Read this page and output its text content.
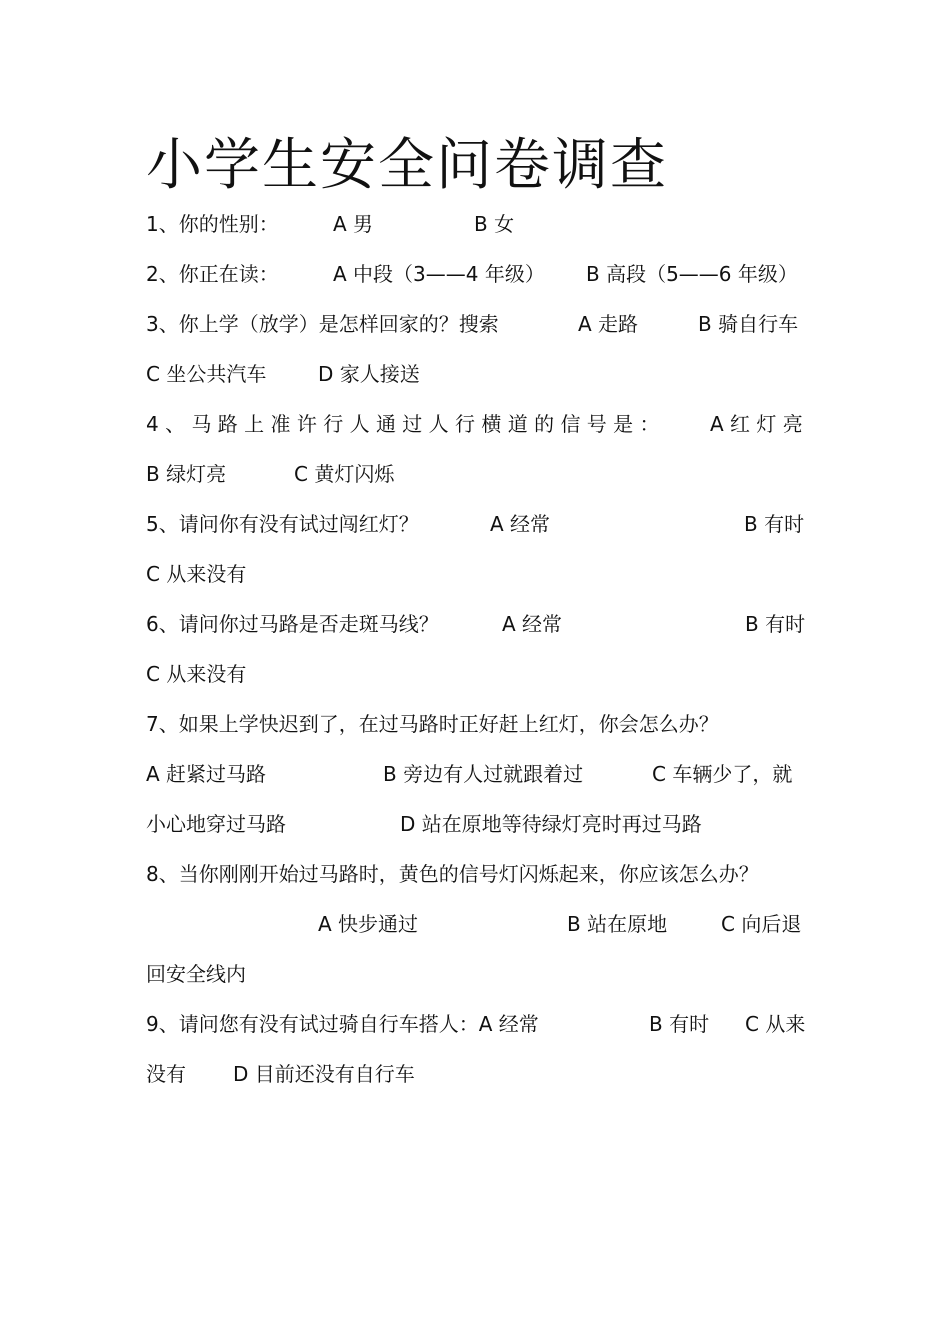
小学生安全问卷调查
1、你的性别：	A 男	B 女
2、你正在读：	A 中段（3——4 年级） B 高段（5——6 年级）
3、你上学（放学）是怎样回家的？搜索	A 走路	B 骑自行车
C 坐公共汽车	D 家人接送
4 、 马 路 上 准 许 行 人 通 过 人 行 横 道 的 信 号 是 ：	A 红 灯 亮
B 绿灯亮	C 黄灯闪烁
5、请问你有没有试过闯红灯？	A 经常	B 有时
C 从来没有
6、请问你过马路是否走斑马线？	A 经常	B 有时
C 从来没有
7、如果上学快迟到了，在过马路时正好赶上红灯，你会怎么办？
A 赶紧过马路	B 旁边有人过就跟着过	C 车辆少了，就
小心地穿过马路	D 站在原地等待绿灯亮时再过马路
8、当你刚刚开始过马路时，黄色的信号灯闪烁起来，你应该怎么办？
A 快步通过	B 站在原地	C 向后退
回安全线内
9、请问您有没有试过骑自行车搭人：A 经常	B 有时 C 从来
没有 D 目前还没有自行车
